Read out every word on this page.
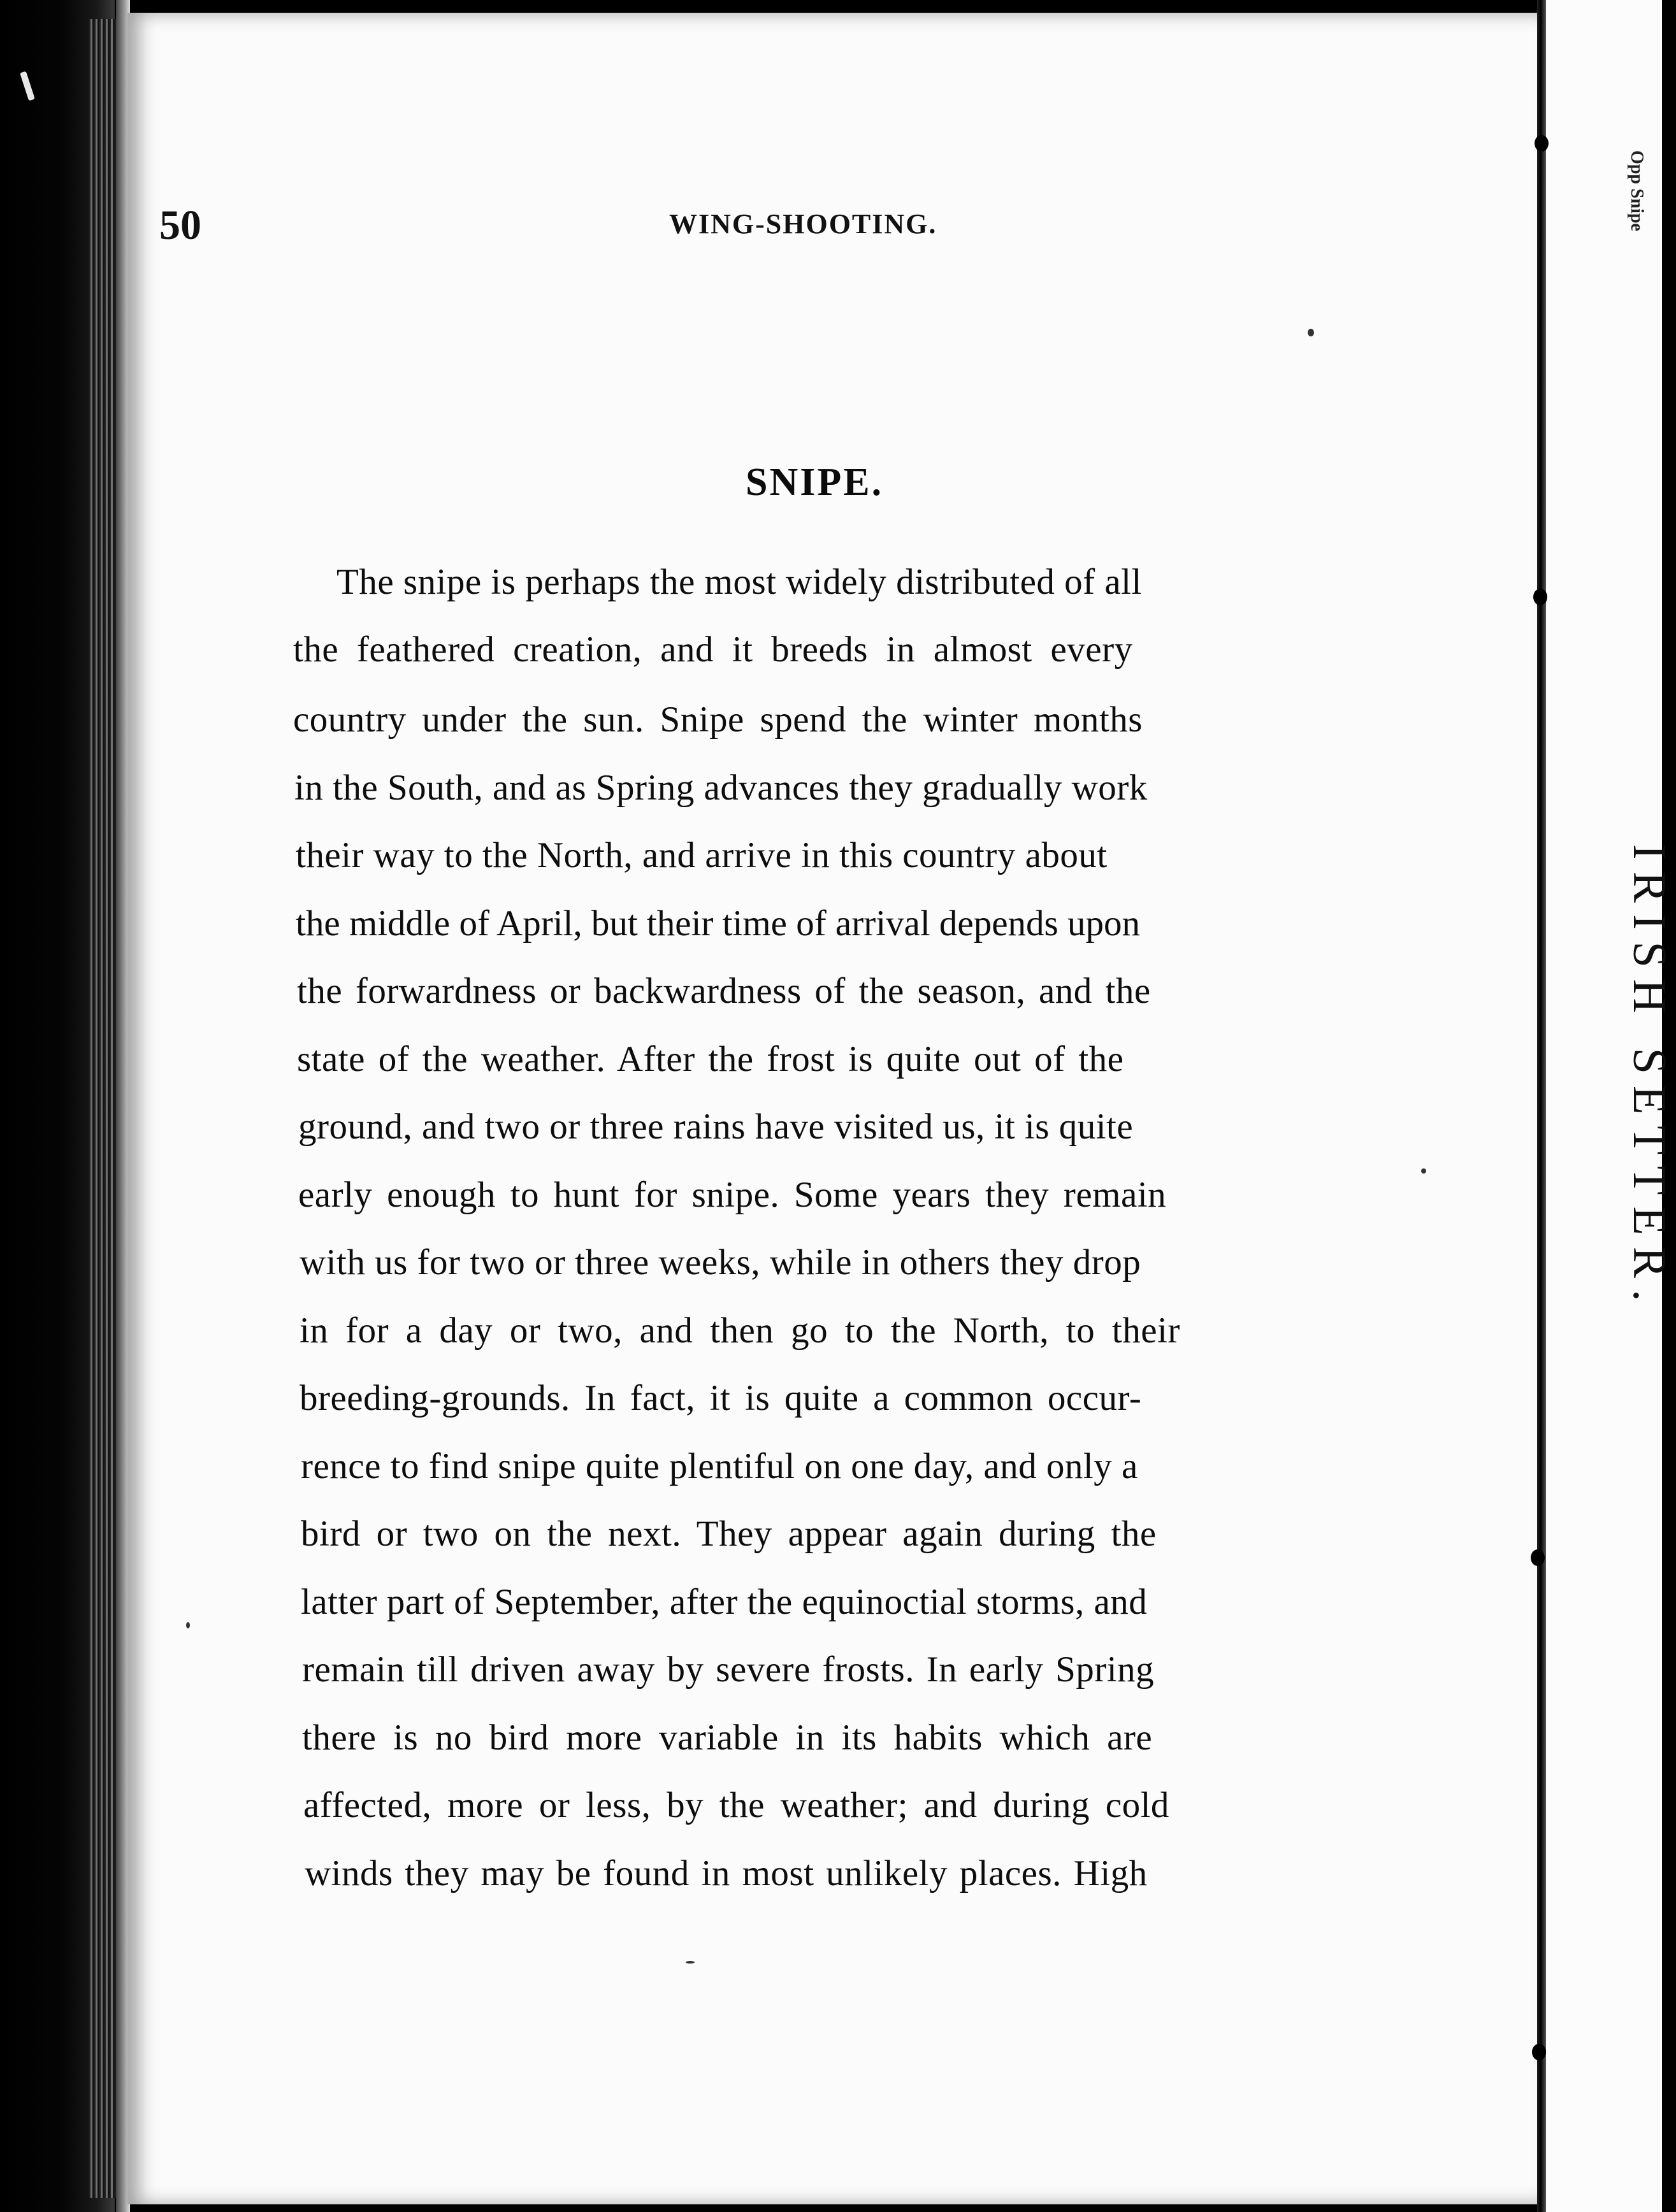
50	WING-SHOOTING.
SNIPE.
The snipe is perhaps the most widely distributed of all
the feathered creation, and it breeds in almost every
country under the sun. Snipe spend the winter months
in the South, and as Spring advances they gradually work
their way to the North, and arrive in this country about
the middle of April, but their time of arrival depends upon
the forwardness or backwardness of the season, and the
state of the weather. After the frost is quite out of the
ground, and two or three rains have visited us, it is quite
early enough to hunt for snipe. Some years they remain
with us for two or three weeks, while in others they drop
in for a day or two, and then go to the North, to their
breeding-grounds. In fact, it is quite a common occur-
rence to find snipe quite plentiful on one day, and only a
bird or two on the next. They appear again during the
latter part of September, after the equinoctial storms, and
remain till driven away by severe frosts. In early Spring
there is no bird more variable in its habits which are
affected, more or less, by the weather; and during cold
winds they may be found in most unlikely places. High
Opp Snipe
IRISH SETTER.
